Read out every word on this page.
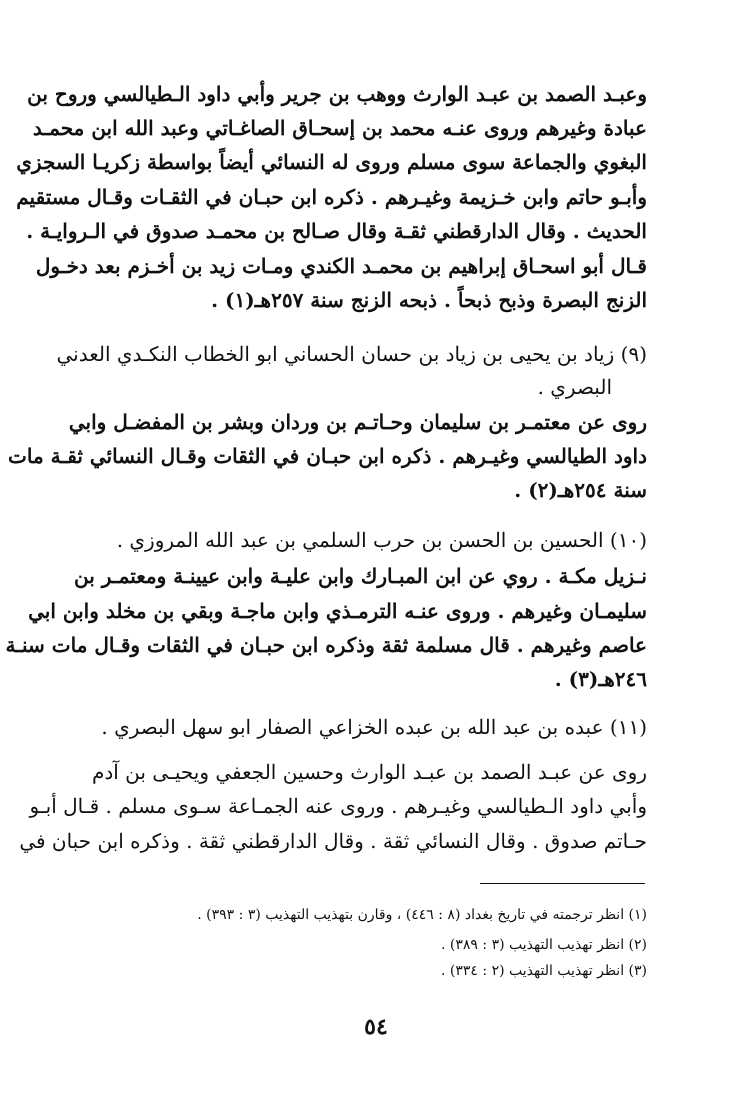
وعبـد الصمد بن عبـد الوارث ووهب بن جرير وأبي داود الـطيالسي وروح بن
عبادة وغيرهم وروى عنـه محمد بن إسحـاق الصاغـاتي وعبد الله ابن محمـد
البغوي والجماعة سوى مسلم وروى له النسائي أيضاً بواسطة زكريـا السجزي
وأبـو حاتم وابن خـزيمة وغيـرهم . ذكره ابن حبـان في الثقـات وقـال مستقيم
الحديث . وقال الدارقطني ثقـة وقال صـالح بن محمـد صدوق في الـروايـة .
قـال أبو اسحـاق إبراهيم بن محمـد الكندي ومـات زيد بن أخـزم بعد دخـول
الزنج البصرة وذبح ذبحاً . ذبحه الزنج سنة ٢٥٧هـ(١) .
(٩) زياد بن يحيى بن زياد بن حسان الحساني ابو الخطاب النكـدي العدني
البصري .
روى عن معتمـر بن سليمان وحـاتـم بن وردان وبشر بن المفضـل وابي
داود الطيالسي وغيـرهم . ذكره ابن حبـان في الثقات وقـال النسائي ثقـة مات
سنة ٢٥٤هـ(٢) .
(١٠) الحسين بن الحسن بن حرب السلمي بن عبد الله المروزي .
نـزيل مكـة . روي عن ابن المبـارك وابن عليـة وابن عيينـة ومعتمـر بن
سليمـان وغيرهم . وروى عنـه الترمـذي وابن ماجـة وبقي بن مخلد وابن ابي
عاصم وغيرهم . قال مسلمة ثقة وذكره ابن حبـان في الثقات وقـال مات سنـة
٢٤٦هـ(٣) .
(١١) عبده بن عبد الله بن عبده الخزاعي الصفار ابو سهل البصري .
روى عن عبـد الصمد بن عبـد الوارث وحسين الجعفي ويحيـى بن آدم
وأبي داود الـطيالسي وغيـرهم . وروى عنه الجمـاعة سـوى مسلم . قـال أبـو
حـاتم صدوق . وقال النسائي ثقة . وقال الدارقطني ثقة . وذكره ابن حبان في
(١) انظر ترجمته في تاريخ بغداد (٨ : ٤٤٦) ، وقارن بتهذيب التهذيب (٣ : ٣٩٣) .
(٢) انظر تهذيب التهذيب (٣ : ٣٨٩) .
(٣) انظر تهذيب التهذيب (٢ : ٣٣٤) .
٥٤
